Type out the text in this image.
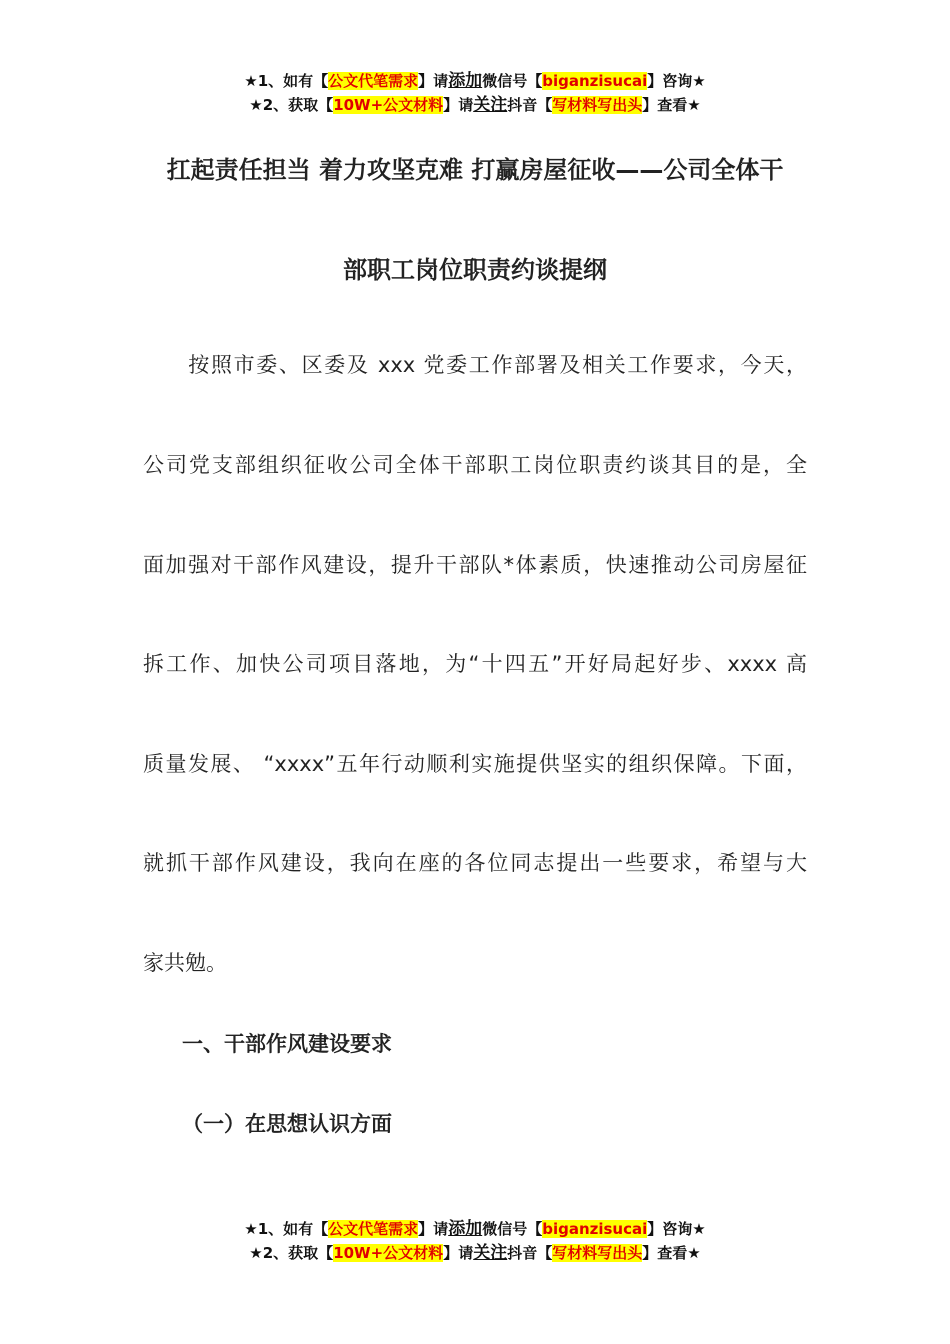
★1、如有【公文代笔需求】请添加微信号【biganzisucai】咨询★
★2、获取【10W+公文材料】请关注抖音【写材料写出头】查看★
扛起责任担当 着力攻坚克难 打赢房屋征收——公司全体干
部职工岗位职责约谈提纲
　　按照市委、区委及 xxx 党委工作部署及相关工作要求，今天，
公司党支部组织征收公司全体干部职工岗位职责约谈其目的是，全
面加强对干部作风建设，提升干部队*体素质，快速推动公司房屋征
拆工作、加快公司项目落地，为“十四五”开好局起好步、xxxx 高
质量发展、 “xxxx”五年行动顺利实施提供坚实的组织保障。下面，
就抓干部作风建设，我向在座的各位同志提出一些要求，希望与大
家共勉。
一、干部作风建设要求
（一）在思想认识方面
★1、如有【公文代笔需求】请添加微信号【biganzisucai】咨询★
★2、获取【10W+公文材料】请关注抖音【写材料写出头】查看★
